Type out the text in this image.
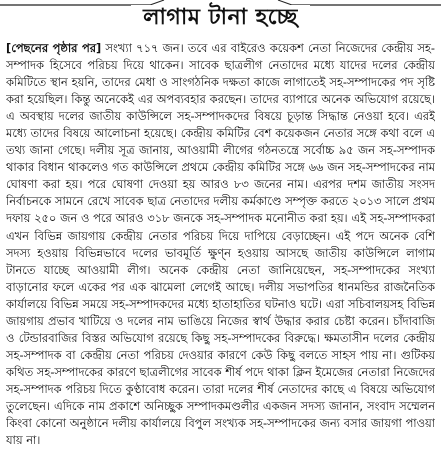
লাগাম টানা হচ্ছে
[পেছনের পৃষ্ঠার পর] সংখ্যা ৭১৭ জন। তবে এর বাইরেও কয়েকশ নেতা নিজেদের কেন্দ্রীয় সহ-সম্পাদক হিসেবে পরিচয় দিয়ে থাকেন। সাবেক ছাত্রলীগ নেতাদের মধ্যে যাদের দলের কেন্দ্রীয় কমিটিতে স্থান হয়নি, তাদের মেধা ও সাংগঠনিক দক্ষতা কাজে লাগাতেই সহ-সম্পাদকের পদ সৃষ্টি করা হয়েছিল। কিন্তু অনেকেই এর অপব্যবহার করছেন। তাদের ব্যাপারে অনেক অভিযোগ রয়েছে। এ অবস্থায় দলের জাতীয় কাউন্সিলে সহ-সম্পাদকদের বিষয়ে চূড়ান্ত সিদ্ধান্ত নেওয়া হবে। এরই মধ্যে তাদের বিষয়ে আলোচনা হয়েছে। কেন্দ্রীয় কমিটির বেশ কয়েকজন নেতার সঙ্গে কথা বলে এ তথ্য জানা গেছে। দলীয় সূত্র জানায়, আওয়ামী লীগের গঠনতন্ত্রে সর্বোচ্চ ৯৫ জন সহ-সম্পাদক থাকার বিধান থাকলেও গত কাউন্সিলে প্রথমে কেন্দ্রীয় কমিটির সঙ্গে ৬৬ জন সহ-সম্পাদকের নাম ঘোষণা করা হয়। পরে ঘোষণা দেওয়া হয় আরও ৮৩ জনের নাম। এরপর দশম জাতীয় সংসদ নির্বাচনকে সামনে রেখে সাবেক ছাত্র নেতাদের দলীয় কর্মকাণ্ডে সম্পৃক্ত করতে ২০১৩ সালে প্রথম দফায় ২৫০ জন ও পরে আরও ৩১৮ জনকে সহ-সম্পাদক মনোনীত করা হয়। এই সহ-সম্পাদকরা এখন বিভিন্ন জায়গায় কেন্দ্রীয় নেতার পরিচয় দিয়ে দাপিয়ে বেড়াচ্ছেন। এই পদে অনেক বেশি সদস্য হওয়ায় বিভিন্নভাবে দলের ভাবমূর্তি ক্ষুণ্ন হওয়ায় আসছে জাতীয় কাউন্সিলে লাগাম টানতে যাচ্ছে আওয়ামী লীগ। অনেক কেন্দ্রীয় নেতা জানিয়েছেন, সহ-সম্পাদকের সংখ্যা বাড়ানোর ফলে একের পর এক ঝামেলা লেগেই আছে। দলীয় সভাপতির ধানমন্ডির রাজনৈতিক কার্যালয়ে বিভিন্ন সময়ে সহ-সম্পাদকদের মধ্যে হাতাহাতির ঘটনাও ঘটে। এরা সচিবালয়সহ বিভিন্ন জায়গায় প্রভাব খাটিয়ে ও দলের নাম ভাঙিয়ে নিজের স্বার্থ উদ্ধার করার চেষ্টা করেন। চাঁদাবাজি ও টেন্ডারবাজির বিস্তর অভিযোগ রয়েছে কিছু সহ-সম্পাদকের বিরুদ্ধে। ক্ষমতাসীন দলের কেন্দ্রীয় সহ-সম্পাদক বা কেন্দ্রীয় নেতা পরিচয় দেওয়ার কারণে কেউ কিছু বলতে সাহস পায় না। গুটিকয় কথিত সহ-সম্পাদকের কারণে ছাত্রলীগের সাবেক শীর্ষ পদে থাকা ক্লিন ইমেজের নেতারা নিজেদের সহ-সম্পাদক পরিচয় দিতে কুণ্ঠাবোধ করেন। তারা দলের শীর্ষ নেতাদের কাছে এ বিষয়ে অভিযোগ তুলেছেন। এদিকে নাম প্রকাশে অনিচ্ছুক সম্পাদকমণ্ডলীর একজন সদস্য জানান, সংবাদ সম্মেলন কিংবা কোনো অনুষ্ঠানে দলীয় কার্যালয়ে বিপুল সংখ্যক সহ-সম্পাদকের জন্য বসার জায়গা পাওয়া যায় না।
